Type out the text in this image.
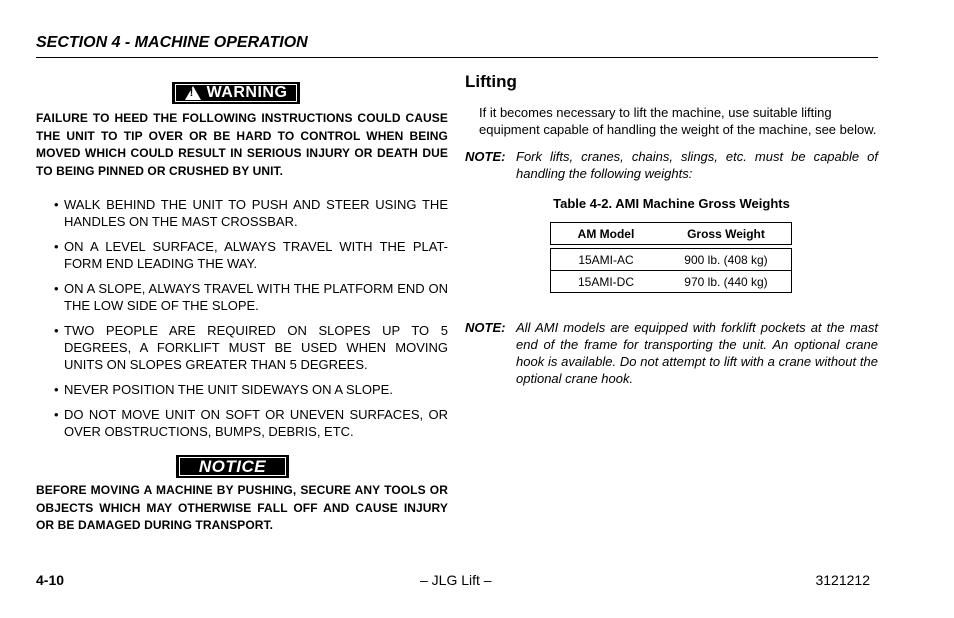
SECTION 4 - MACHINE OPERATION
!
WARNING

FAILURE TO HEED THE FOLLOWING INSTRUCTIONS COULD CAUSE THE UNIT TO TIP OVER OR BE HARD TO CONTROL WHEN BEING MOVED WHICH COULD RESULT IN SERIOUS INJURY OR DEATH DUE TO BEING PINNED OR CRUSHED BY UNIT.

• WALK BEHIND THE UNIT TO PUSH AND STEER USING THE HANDLES ON THE MAST CROSSBAR.
• ON A LEVEL SURFACE, ALWAYS TRAVEL WITH THE PLAT-FORM END LEADING THE WAY.
• ON A SLOPE, ALWAYS TRAVEL WITH THE PLATFORM END ON THE LOW SIDE OF THE SLOPE.
• TWO PEOPLE ARE REQUIRED ON SLOPES UP TO 5 DEGREES, A FORKLIFT MUST BE USED WHEN MOVING UNITS ON SLOPES GREATER THAN 5 DEGREES.
• NEVER POSITION THE UNIT SIDEWAYS ON A SLOPE.
• DO NOT MOVE UNIT ON SOFT OR UNEVEN SURFACES, OR OVER OBSTRUCTIONS, BUMPS, DEBRIS, ETC.
NOTICE

BEFORE MOVING A MACHINE BY PUSHING, SECURE ANY TOOLS OR OBJECTS WHICH MAY OTHERWISE FALL OFF AND CAUSE INJURY OR BE DAMAGED DURING TRANSPORT.

Lifting

If it becomes necessary to lift the machine, use suitable lifting equipment capable of handling the weight of the machine, see below.

NOTE: Fork lifts, cranes, chains, slings, etc. must be capable of handling the following weights:
Table 4-2. AMI Machine Gross Weights
AM Model	Gross Weight

15AMI-AC	900 lb. (408 kg)
15AMI-DC	970 lb. (440 kg)
NOTE: All AMI models are equipped with forklift pockets at the mast end of the frame for transporting the unit. An optional crane hook is available. Do not attempt to lift with a crane without the optional crane hook.
4-10	– JLG Lift –	3121212
